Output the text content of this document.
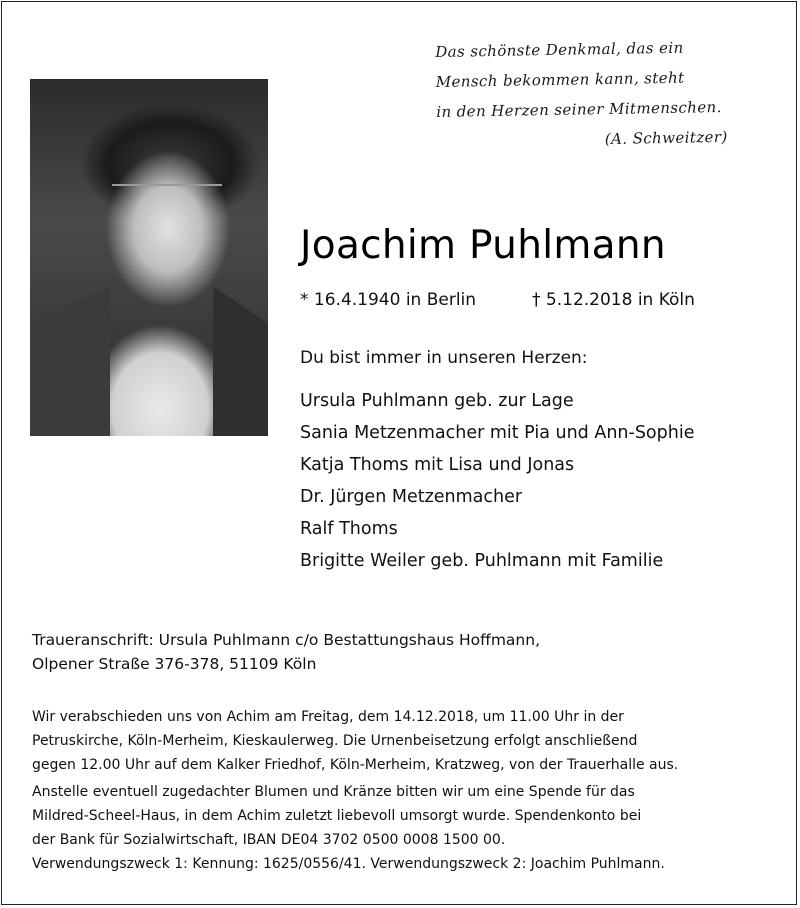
Das schönste Denkmal, das ein
Mensch bekommen kann, steht
in den Herzen seiner Mitmenschen.
(A. Schweitzer)
Joachim Puhlmann
* 16.4.1940 in Berlin	† 5.12.2018 in Köln
Du bist immer in unseren Herzen:
Ursula Puhlmann geb. zur Lage
Sania Metzenmacher mit Pia und Ann-Sophie
Katja Thoms mit Lisa und Jonas
Dr. Jürgen Metzenmacher
Ralf Thoms
Brigitte Weiler geb. Puhlmann mit Familie
Traueranschrift: Ursula Puhlmann c/o Bestattungshaus Hoffmann,
Olpener Straße 376-378, 51109 Köln

Wir verabschieden uns von Achim am Freitag, dem 14.12.2018, um 11.00 Uhr in der

Petruskirche, Köln-Merheim, Kieskaulerweg. Die Urnenbeisetzung erfolgt anschließend

gegen 12.00 Uhr auf dem Kalker Friedhof, Köln-Merheim, Kratzweg, von der Trauerhalle aus.

Anstelle eventuell zugedachter Blumen und Kränze bitten wir um eine Spende für das

Mildred-Scheel-Haus, in dem Achim zuletzt liebevoll umsorgt wurde. Spendenkonto bei

der Bank für Sozialwirtschaft, IBAN DE04 3702 0500 0008 1500 00.

Verwendungszweck 1: Kennung: 1625/0556/41. Verwendungszweck 2: Joachim Puhlmann.
